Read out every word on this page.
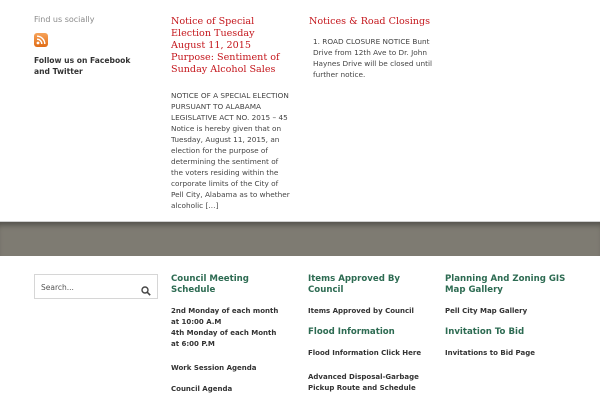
Find us socially
Follow us on Facebook and Twitter
Notice of Special Election Tuesday August 11, 2015
Purpose: Sentiment of Sunday Alcohol Sales
NOTICE OF A SPECIAL ELECTION PURSUANT TO ALABAMA LEGISLATIVE ACT NO. 2015 – 45 Notice is hereby given that on Tuesday, August 11, 2015, an election for the purpose of determining the sentiment of the voters residing within the corporate limits of the City of Pell City, Alabama as to whether alcoholic […]
Notices & Road Closings
1. ROAD CLOSURE NOTICE Bunt Drive from 12th Ave to Dr. John Haynes Drive will be closed until further notice.
Search...
Council Meeting Schedule
2nd Monday of each month
at 10:00 A.M
4th Monday of each Month
at 6:00 P.M
Work Session Agenda
Council Agenda
Items Approved By Council
Items Approved by Council
Flood Information
Flood Information Click Here
Advanced Disposal-Garbage Pickup Route and Schedule
Planning And Zoning GIS Map Gallery
Pell City Map Gallery
Invitation To Bid
Invitations to Bid Page
